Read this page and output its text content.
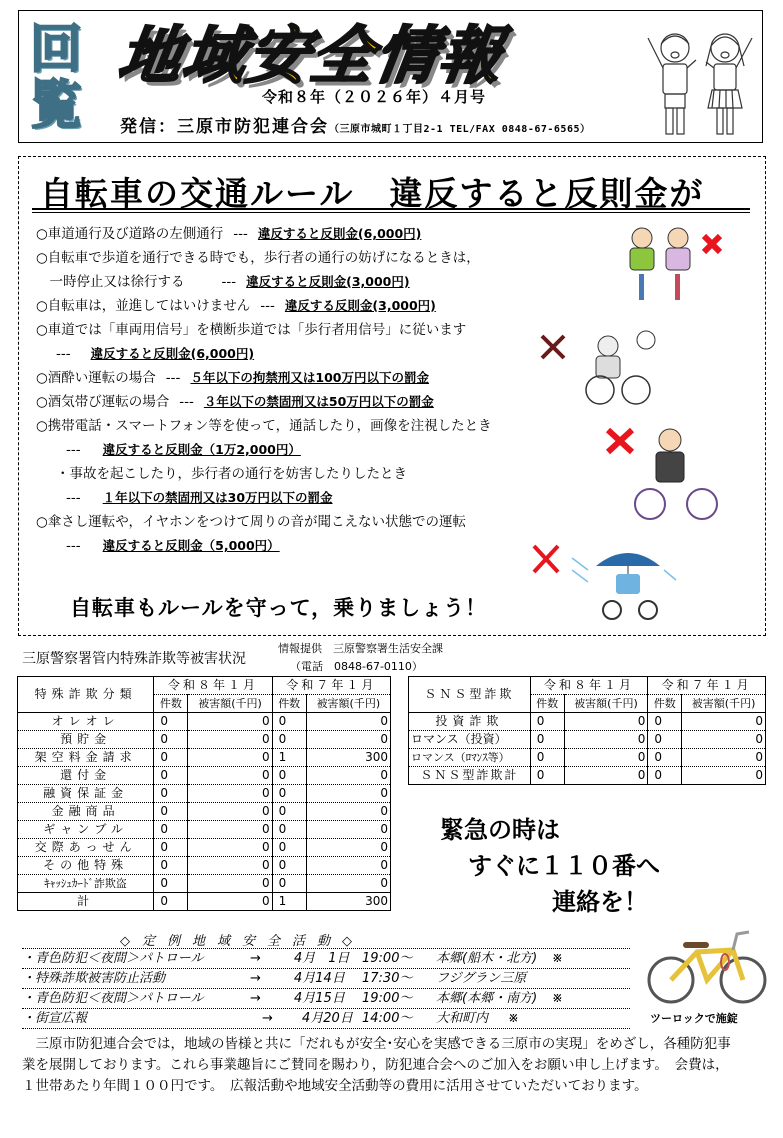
回
覧
地域安全情報
令和８年（２０２６年）４月号
発信：三原市防犯連合会（三原市城町１丁目2-1 TEL/FAX 0848-67-6565）
自転車の交通ルール　違反すると反則金が
○車道通行及び道路の左側通行 --- 違反すると反則金(6,000円)
○自転車で歩道を通行できる時でも，歩行者の通行の妨げになるときは，
　一時停止又は徐行する　　--- 違反すると反則金(3,000円)
○自転車は，並進してはいけません --- 違反する反則金(3,000円)
○車道では「車両用信号」を横断歩道では「歩行者用信号」に従います
--- 違反すると反則金(6,000円)
○酒酔い運転の場合 --- ５年以下の拘禁刑又は100万円以下の罰金
○酒気帯び運転の場合 --- ３年以下の禁固刑又は50万円以下の罰金
○携帯電話・スマートフォン等を使って，通話したり，画像を注視したとき
--- 違反すると反則金（1万2,000円）
・事故を起こしたり，歩行者の通行を妨害したりしたとき
--- １年以下の禁固刑又は30万円以下の罰金
○傘さし運転や，イヤホンをつけて周りの音が聞こえない状態での運転
--- 違反すると反則金（5,000円）
自転車もルールを守って，乗りましょう！
三原警察署管内特殊詐欺等被害状況
情報提供　三原警察署生活安全課
（電話　0848-67-0110）
特殊詐欺分類	令和８年１月		令和７年１月	
	件数	被害額(千円)	件数	被害額(千円)
オレオレ	0	0	0	0
預貯金	0	0	0	0
架空料金請求	0	0	1	300
還付金	0	0	0	0
融資保証金	0	0	0	0
金融商品	0	0	0	0
ギャンブル	0	0	0	0
交際あっせん	0	0	0	0
その他特殊	0	0	0	0
ｷｬｯｼｭｶｰﾄﾞ詐欺盗	0	0	0	0
計	0	0	1	300
ＳＮＳ型詐欺	令和８年１月		令和７年１月	
	件数	被害額(千円)	件数	被害額(千円)
投資詐欺	0	0	0	0
ロマンス（投資）	0	0	0	0
ロマンス（ﾛﾏﾝｽ等）	0	0	0	0
ＳＮＳ型詐欺計	0	0	0	0
緊急の時は
すぐに１１０番へ
連絡を！
◇定例地域安全活動◇
・青色防犯＜夜間＞パトロール	→	4月　1日 19:00～ 本郷(船木・北方) ※
・特殊詐欺被害防止活動	→	4月14日 17:30～ フジグラン三原
・青色防犯＜夜間＞パトロール	→	4月15日 19:00～ 本郷(本郷・南方) ※
・街宣広報	→ 4月20日 14:00～ 大和町内 ※	ツーロックで施錠
　三原市防犯連合会では，地域の皆様と共に「だれもが安全･安心を実感できる三原市の実現」をめざし，各種防犯事業を展開しております。これら事業趣旨にご賛同を賜わり，防犯連合会へのご加入をお願い申し上げます。　会費は，１世帯あたり年間１００円です。　広報活動や地域安全活動等の費用に活用させていただいております。
